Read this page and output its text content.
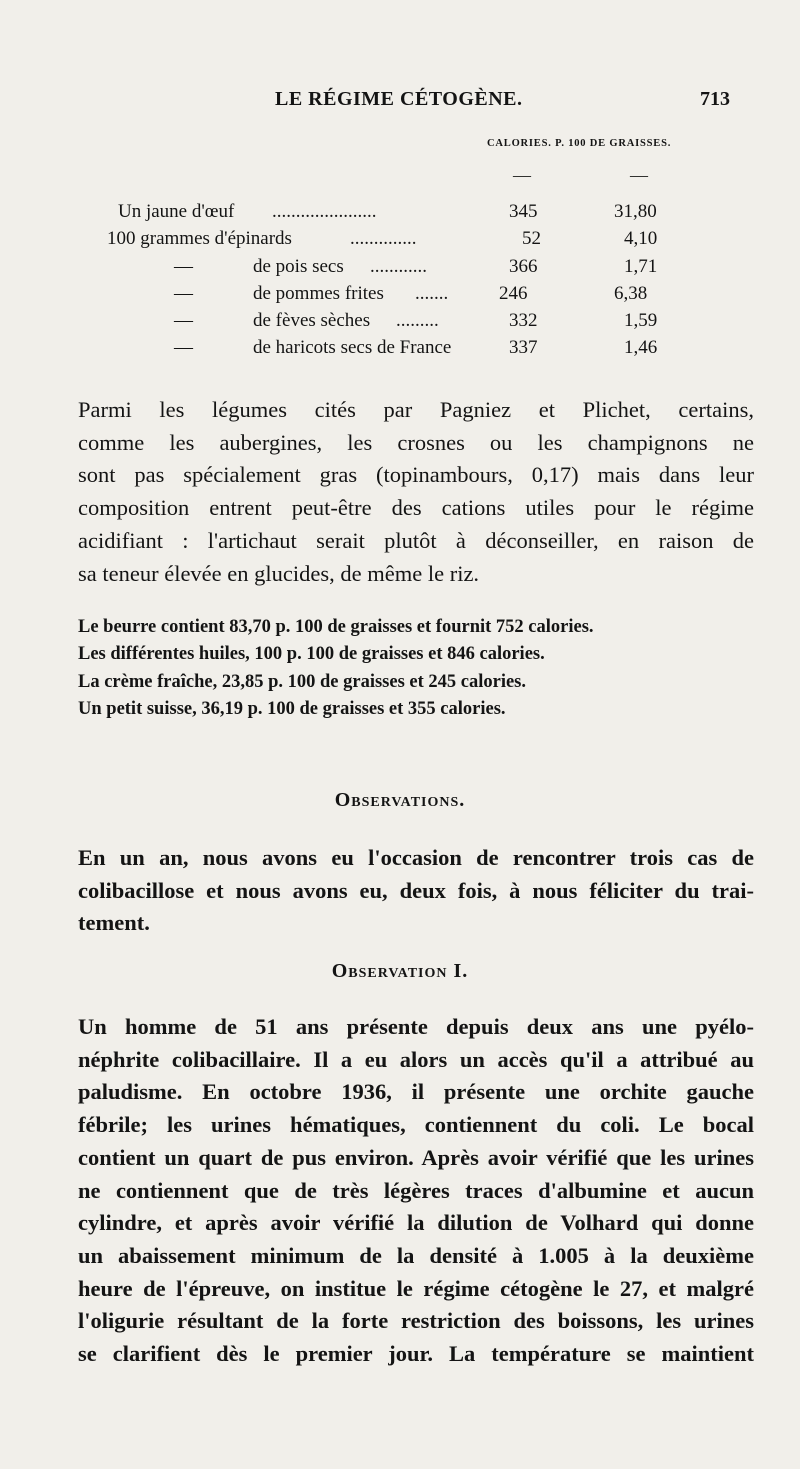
LE RÉGIME CÉTOGÈNE.	713
CALORIES. P. 100 DE GRAISSES.
—	—
Un jaune d'œuf ......................	345	31,80
100 grammes d'épinards	..............	52	4,10
—	de pois secs ............	366	1,71
—	de pommes frites .......	246	6,38
—	de fèves sèches .........	332	1,59
—	de haricots secs de France	337	1,46
Parmi les légumes cités par Pagniez et Plichet, certains,
comme les aubergines, les crosnes ou les champignons ne
sont pas spécialement gras (topinambours, 0,17) mais dans leur
composition entrent peut-être des cations utiles pour le régime
acidifiant : l'artichaut serait plutôt à déconseiller, en raison de
sa teneur élevée en glucides, de même le riz.
Le beurre contient 83,70 p. 100 de graisses et fournit 752 calories.
Les différentes huiles, 100 p. 100 de graisses et 846 calories.
La crème fraîche, 23,85 p. 100 de graisses et 245 calories.
Un petit suisse, 36,19 p. 100 de graisses et 355 calories.
Observations.
En un an, nous avons eu l'occasion de rencontrer trois cas de
colibacillose et nous avons eu, deux fois, à nous féliciter du trai-
tement.
Observation I.
Un homme de 51 ans présente depuis deux ans une pyélo-
néphrite colibacillaire. Il a eu alors un accès qu'il a attribué au
paludisme. En octobre 1936, il présente une orchite gauche
fébrile; les urines hématiques, contiennent du coli. Le bocal
contient un quart de pus environ. Après avoir vérifié que les urines
ne contiennent que de très légères traces d'albumine et aucun
cylindre, et après avoir vérifié la dilution de Volhard qui donne
un abaissement minimum de la densité à 1.005 à la deuxième
heure de l'épreuve, on institue le régime cétogène le 27, et malgré
l'oligurie résultant de la forte restriction des boissons, les urines
se clarifient dès le premier jour. La température se maintient
